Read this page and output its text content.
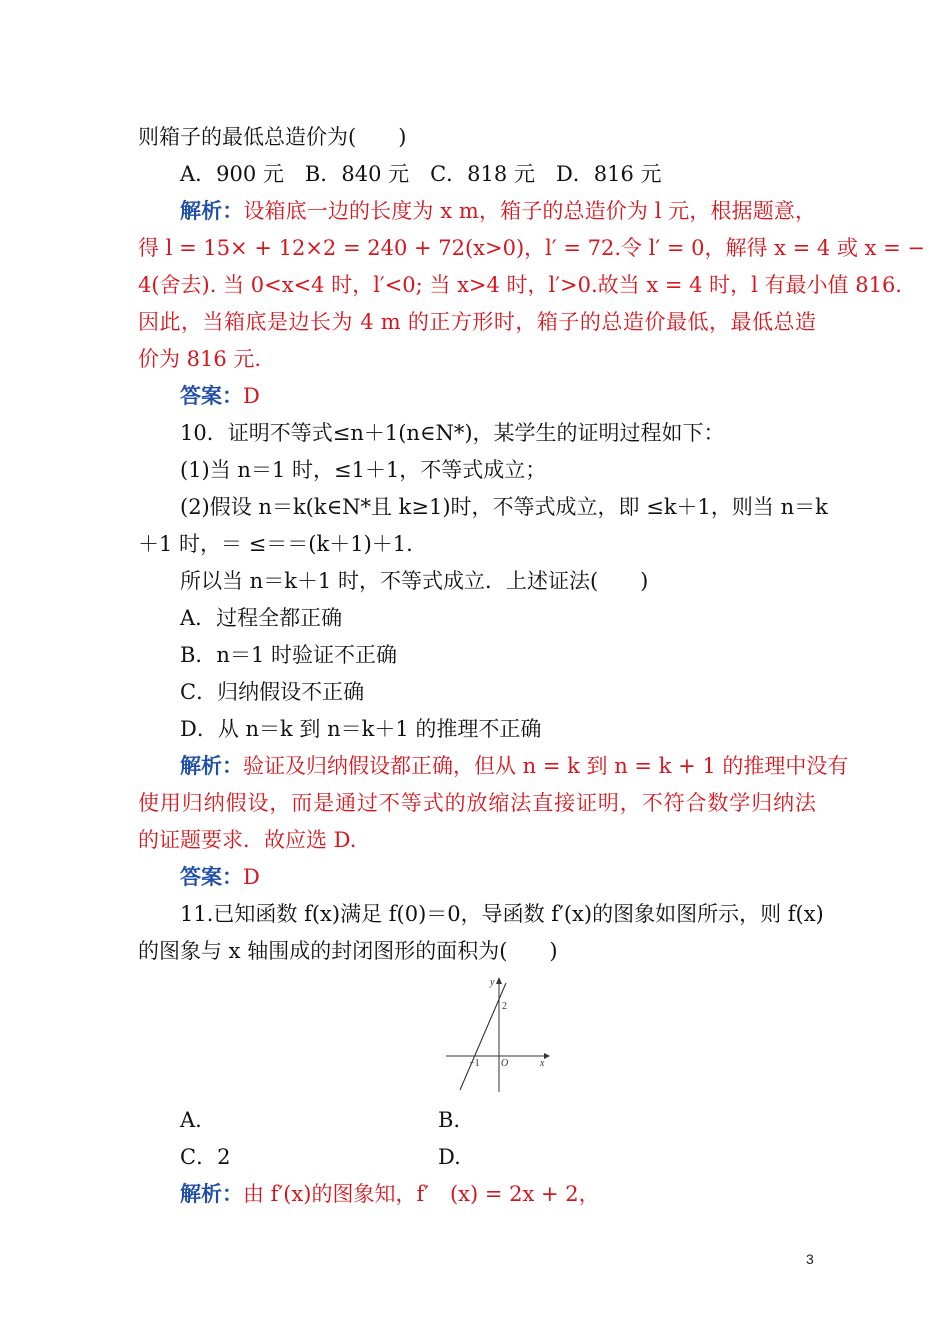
则箱子的最低总造价为(　　)
A．900 元　B．840 元　C．818 元　D．816 元
解析：设箱底一边的长度为 x m，箱子的总造价为 l 元，根据题意，
得 l = 15× + 12×2 = 240 + 72(x>0)，l′ = 72.令 l′ = 0，解得 x = 4 或 x = −
4(舍去). 当 0<x<4 时，l′<0; 当 x>4 时，l′>0.故当 x = 4 时，l 有最小值 816.
因此，当箱底是边长为 4 m 的正方形时，箱子的总造价最低，最低总造
价为 816 元.
答案：D
10．证明不等式≤n＋1(n∈N*)，某学生的证明过程如下：
(1)当 n＝1 时，≤1＋1，不等式成立；
(2)假设 n＝k(k∈N*且 k≥1)时，不等式成立，即 ≤k＋1，则当 n＝k
＋1 时，＝ ≤＝＝(k＋1)＋1.
所以当 n＝k＋1 时，不等式成立．上述证法(　　)
A．过程全都正确
B．n＝1 时验证不正确
C．归纳假设不正确
D．从 n＝k 到 n＝k＋1 的推理不正确
解析：验证及归纳假设都正确，但从 n = k 到 n = k + 1 的推理中没有
使用归纳假设，而是通过不等式的放缩法直接证明，不符合数学归纳法
的证题要求．故应选 D.
答案：D
11.已知函数 f(x)满足 f(0)＝0，导函数 f′(x)的图象如图所示，则 f(x)
的图象与 x 轴围成的封闭图形的面积为(　　)
y
x
O
2
−1
A.	B.
C．2	D.
解析：由 f′(x)的图象知，f′　(x) = 2x + 2，
3
